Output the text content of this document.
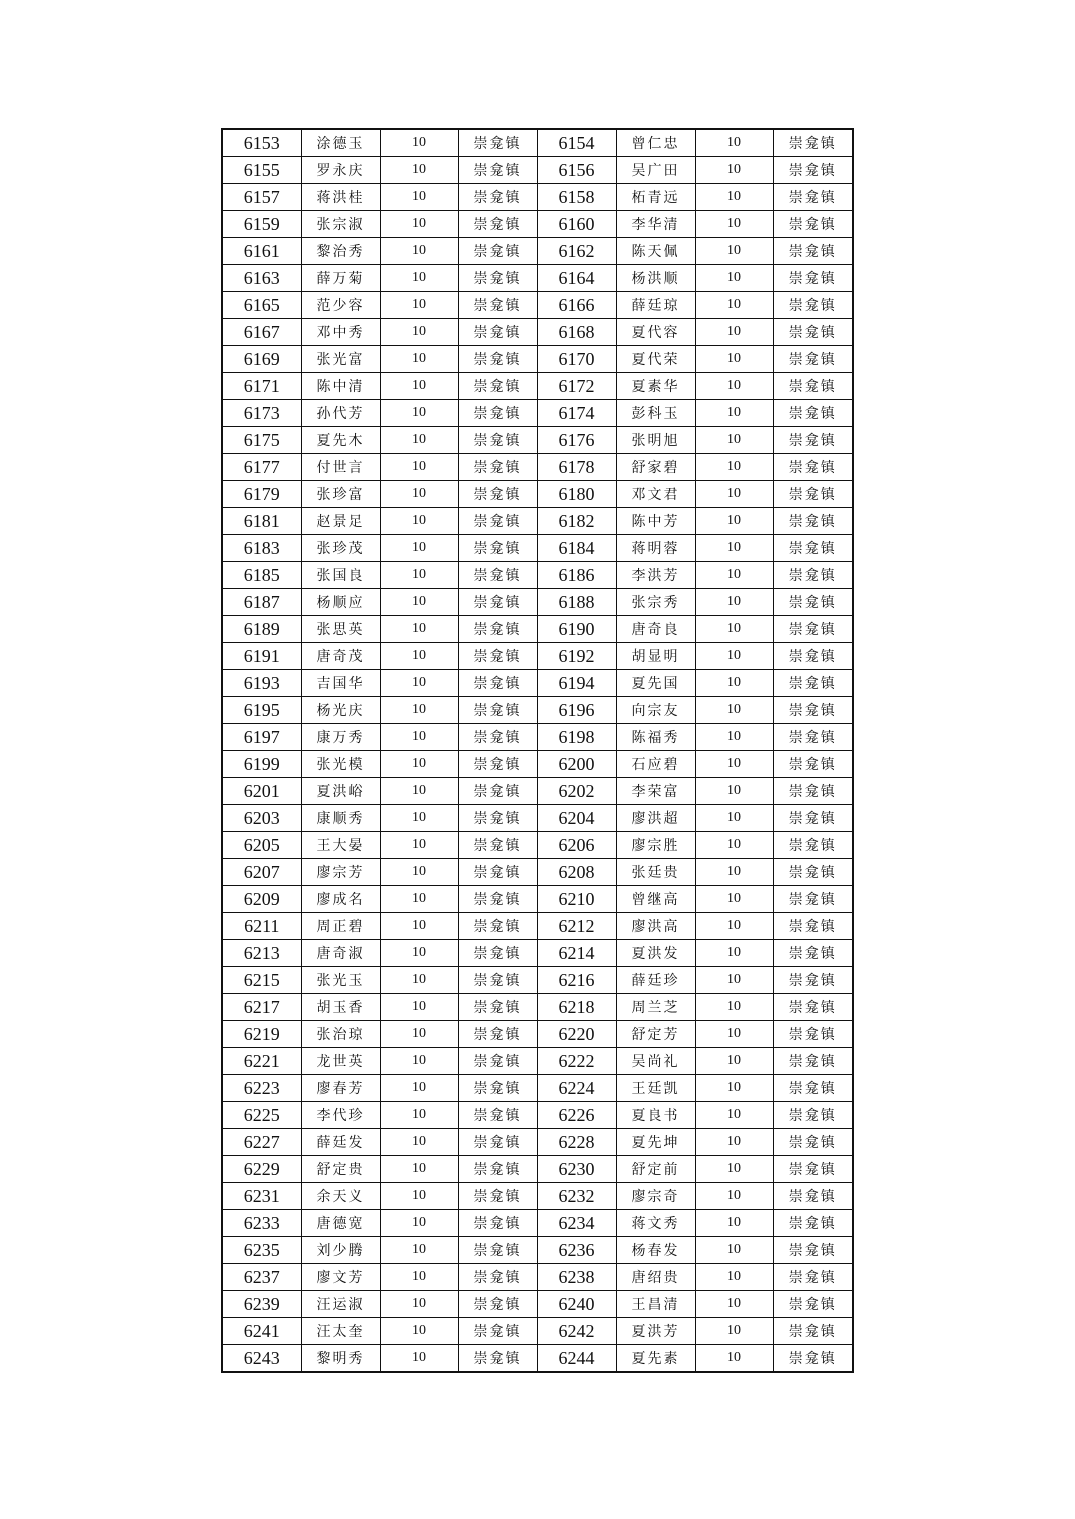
6153	涂德玉	10	崇龛镇	6154	曾仁忠	10	崇龛镇
6155	罗永庆	10	崇龛镇	6156	吴广田	10	崇龛镇
6157	蒋洪桂	10	崇龛镇	6158	柘青远	10	崇龛镇
6159	张宗淑	10	崇龛镇	6160	李华清	10	崇龛镇
6161	黎治秀	10	崇龛镇	6162	陈天佩	10	崇龛镇
6163	薛万菊	10	崇龛镇	6164	杨洪顺	10	崇龛镇
6165	范少容	10	崇龛镇	6166	薛廷琼	10	崇龛镇
6167	邓中秀	10	崇龛镇	6168	夏代容	10	崇龛镇
6169	张光富	10	崇龛镇	6170	夏代荣	10	崇龛镇
6171	陈中清	10	崇龛镇	6172	夏素华	10	崇龛镇
6173	孙代芳	10	崇龛镇	6174	彭科玉	10	崇龛镇
6175	夏先木	10	崇龛镇	6176	张明旭	10	崇龛镇
6177	付世言	10	崇龛镇	6178	舒家碧	10	崇龛镇
6179	张珍富	10	崇龛镇	6180	邓文君	10	崇龛镇
6181	赵景足	10	崇龛镇	6182	陈中芳	10	崇龛镇
6183	张珍茂	10	崇龛镇	6184	蒋明蓉	10	崇龛镇
6185	张国良	10	崇龛镇	6186	李洪芳	10	崇龛镇
6187	杨顺应	10	崇龛镇	6188	张宗秀	10	崇龛镇
6189	张思英	10	崇龛镇	6190	唐奇良	10	崇龛镇
6191	唐奇茂	10	崇龛镇	6192	胡显明	10	崇龛镇
6193	吉国华	10	崇龛镇	6194	夏先国	10	崇龛镇
6195	杨光庆	10	崇龛镇	6196	向宗友	10	崇龛镇
6197	康万秀	10	崇龛镇	6198	陈福秀	10	崇龛镇
6199	张光模	10	崇龛镇	6200	石应碧	10	崇龛镇
6201	夏洪峪	10	崇龛镇	6202	李荣富	10	崇龛镇
6203	康顺秀	10	崇龛镇	6204	廖洪超	10	崇龛镇
6205	王大晏	10	崇龛镇	6206	廖宗胜	10	崇龛镇
6207	廖宗芳	10	崇龛镇	6208	张廷贵	10	崇龛镇
6209	廖成名	10	崇龛镇	6210	曾继高	10	崇龛镇
6211	周正碧	10	崇龛镇	6212	廖洪高	10	崇龛镇
6213	唐奇淑	10	崇龛镇	6214	夏洪发	10	崇龛镇
6215	张光玉	10	崇龛镇	6216	薛廷珍	10	崇龛镇
6217	胡玉香	10	崇龛镇	6218	周兰芝	10	崇龛镇
6219	张治琼	10	崇龛镇	6220	舒定芳	10	崇龛镇
6221	龙世英	10	崇龛镇	6222	吴尚礼	10	崇龛镇
6223	廖春芳	10	崇龛镇	6224	王廷凯	10	崇龛镇
6225	李代珍	10	崇龛镇	6226	夏良书	10	崇龛镇
6227	薛廷发	10	崇龛镇	6228	夏先坤	10	崇龛镇
6229	舒定贵	10	崇龛镇	6230	舒定前	10	崇龛镇
6231	余天义	10	崇龛镇	6232	廖宗奇	10	崇龛镇
6233	唐德宽	10	崇龛镇	6234	蒋文秀	10	崇龛镇
6235	刘少腾	10	崇龛镇	6236	杨春发	10	崇龛镇
6237	廖文芳	10	崇龛镇	6238	唐绍贵	10	崇龛镇
6239	汪运淑	10	崇龛镇	6240	王昌清	10	崇龛镇
6241	汪太奎	10	崇龛镇	6242	夏洪芳	10	崇龛镇
6243	黎明秀	10	崇龛镇	6244	夏先素	10	崇龛镇
